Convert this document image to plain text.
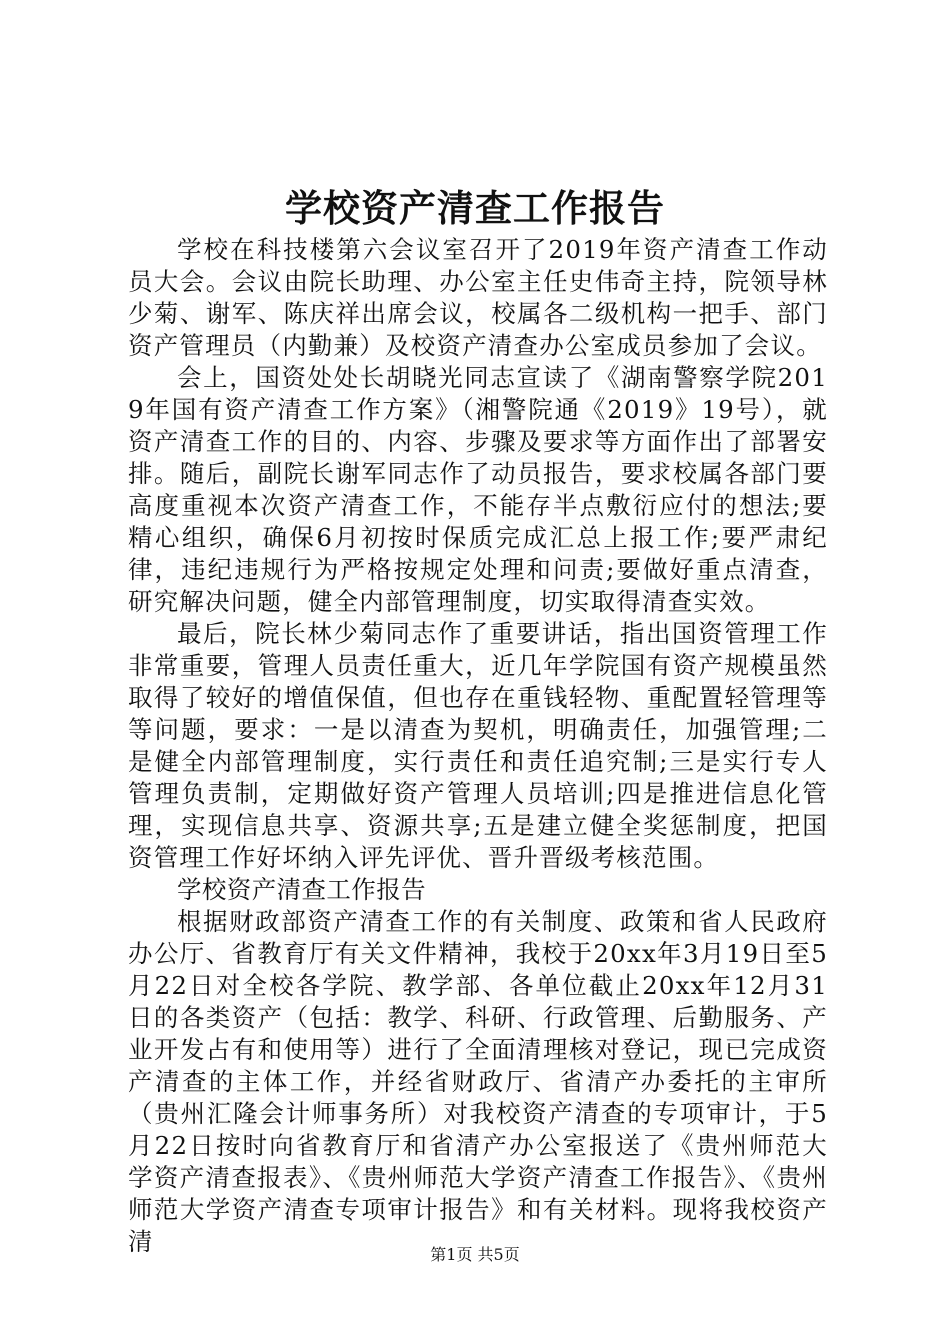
学校资产清查工作报告

学校在科技楼第六会议室召开了2019年资产清查工作动员大会。会议由院长助理、办公室主任史伟奇主持，院领导林少菊、谢军、陈庆祥出席会议，校属各二级机构一把手、部门资产管理员（内勤兼）及校资产清查办公室成员参加了会议。

会上，国资处处长胡晓光同志宣读了《湖南警察学院2019年国有资产清查工作方案》（湘警院通《2019》19号），就资产清查工作的目的、内容、步骤及要求等方面作出了部署安排。随后，副院长谢军同志作了动员报告，要求校属各部门要高度重视本次资产清查工作，不能存半点敷衍应付的想法;要精心组织，确保6月初按时保质完成汇总上报工作;要严肃纪律，违纪违规行为严格按规定处理和问责;要做好重点清查，研究解决问题，健全内部管理制度，切实取得清查实效。

最后，院长林少菊同志作了重要讲话，指出国资管理工作非常重要，管理人员责任重大，近几年学院国有资产规模虽然取得了较好的增值保值，但也存在重钱轻物、重配置轻管理等等问题，要求：一是以清查为契机，明确责任，加强管理;二是健全内部管理制度，实行责任和责任追究制;三是实行专人管理负责制，定期做好资产管理人员培训;四是推进信息化管理，实现信息共享、资源共享;五是建立健全奖惩制度，把国资管理工作好坏纳入评先评优、晋升晋级考核范围。

学校资产清查工作报告

根据财政部资产清查工作的有关制度、政策和省人民政府办公厅、省教育厅有关文件精神，我校于20xx年3月19日至5月22日对全校各学院、教学部、各单位截止20xx年12月31日的各类资产（包括：教学、科研、行政管理、后勤服务、产业开发占有和使用等）进行了全面清理核对登记，现已完成资产清查的主体工作，并经省财政厅、省清产办委托的主审所（贵州汇隆会计师事务所）对我校资产清查的专项审计，于5月22日按时向省教育厅和省清产办公室报送了《贵州师范大学资产清查报表》、《贵州师范大学资产清查工作报告》、《贵州师范大学资产清查专项审计报告》和有关材料。现将我校资产清	第1页 共5页
